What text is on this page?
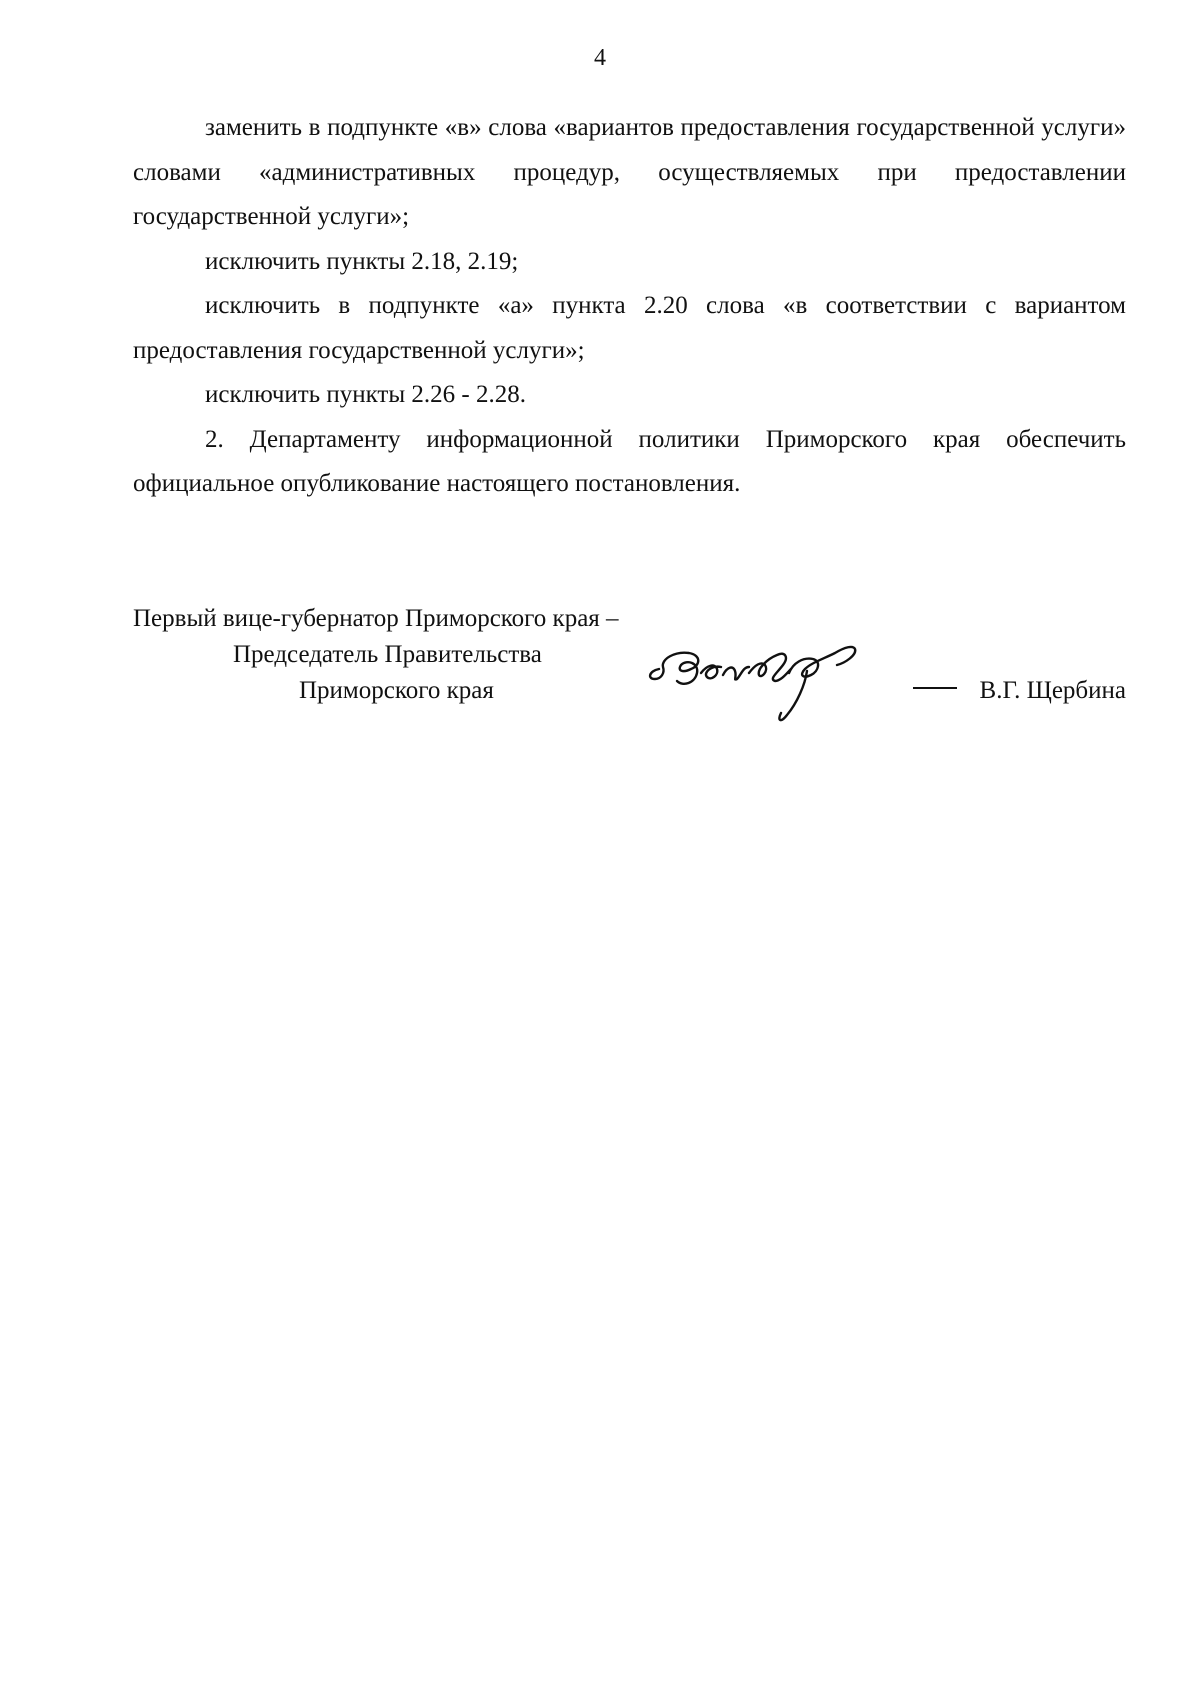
4

заменить в подпункте «в» слова «вариантов предоставления государственной услуги» словами «административных процедур, осуществляемых при предоставлении государственной услуги»;

исключить пункты 2.18, 2.19;

исключить в подпункте «а» пункта 2.20 слова «в соответствии с вариантом предоставления государственной услуги»;

исключить пункты 2.26 - 2.28.

2. Департаменту информационной политики Приморского края обеспечить официальное опубликование настоящего постановления.

Первый вице-губернатор Приморского края –
Председатель Правительства
Приморского края	В.Г. Щербина
